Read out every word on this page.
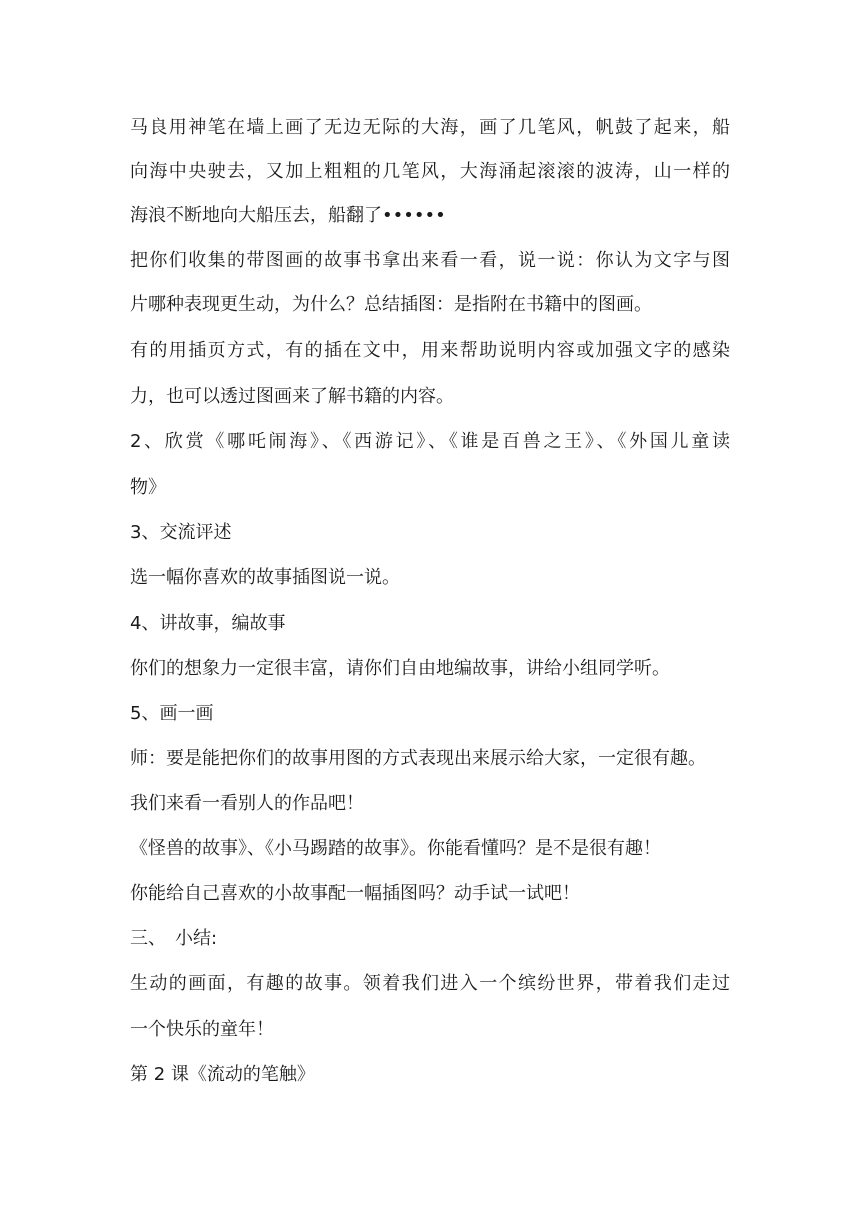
马良用神笔在墙上画了无边无际的大海，画了几笔风，帆鼓了起来，船
向海中央驶去，又加上粗粗的几笔风，大海涌起滚滚的波涛，山一样的
海浪不断地向大船压去，船翻了••••••
把你们收集的带图画的故事书拿出来看一看，说一说：你认为文字与图
片哪种表现更生动，为什么？总结插图：是指附在书籍中的图画。
有的用插页方式，有的插在文中，用来帮助说明内容或加强文字的感染
力，也可以透过图画来了解书籍的内容。
2、欣赏《哪吒闹海》、《西游记》、《谁是百兽之王》、《外国儿童读
物》
3、交流评述
选一幅你喜欢的故事插图说一说。
4、讲故事，编故事
你们的想象力一定很丰富，请你们自由地编故事，讲给小组同学听。
5、画一画
师：要是能把你们的故事用图的方式表现出来展示给大家，一定很有趣。
我们来看一看别人的作品吧！
《怪兽的故事》、《小马踢踏的故事》。你能看懂吗？是不是很有趣！
你能给自己喜欢的小故事配一幅插图吗？动手试一试吧！
三、　小结:
生动的画面，有趣的故事。领着我们进入一个缤纷世界，带着我们走过
一个快乐的童年！
第 2 课《流动的笔触》
